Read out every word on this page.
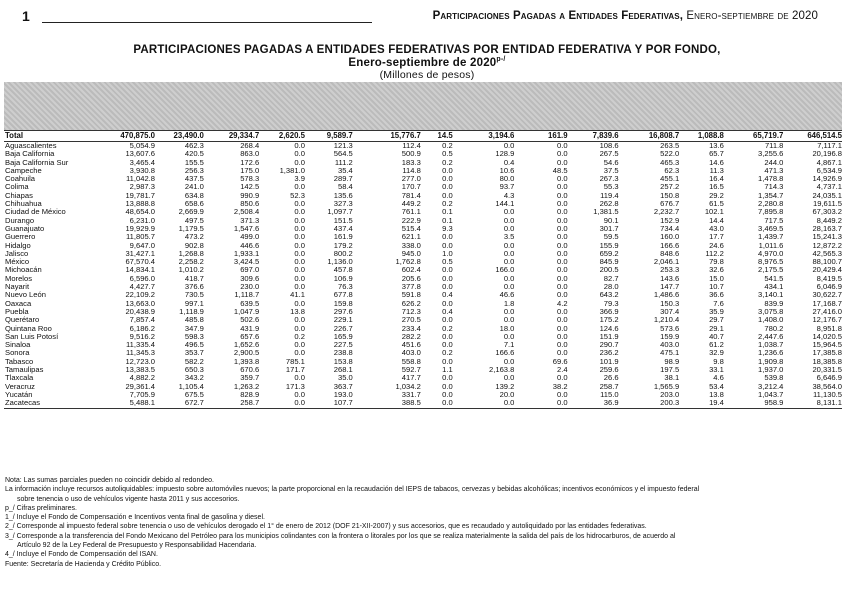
1	Participaciones Pagadas a Entidades Federativas, Enero-septiembre de 2020
PARTICIPACIONES PAGADAS A ENTIDADES FEDERATIVAS POR ENTIDAD FEDERATIVA Y POR FONDO,
Enero-septiembre de $2020^{p-/}$
(Millones de pesos)
Total	470,875.0	23,490.0	29,334.7	2,620.5	9,589.7	15,776.7	14.5	3,194.6	161.9	7,839.6	16,808.7	1,088.8	65,719.7	646,514.5
Aguascalientes	5,054.9	462.3	268.4	0.0	121.3	112.4	0.2	0.0	0.0	108.6	263.5	13.6	711.8	7,117.1
Baja California	13,607.6	420.5	863.0	0.0	564.5	500.9	0.5	128.9	0.0	267.5	522.0	65.7	3,255.6	20,196.8
Baja California Sur	3,465.4	155.5	172.6	0.0	111.2	183.3	0.2	0.4	0.0	54.6	465.3	14.6	244.0	4,867.1
Campeche	3,930.8	256.3	175.0	1,381.0	35.4	114.8	0.0	10.6	48.5	37.5	62.3	11.3	471.3	6,534.9
Coahuila	11,042.8	437.5	578.3	3.9	289.7	277.0	0.0	80.0	0.0	267.3	455.1	16.4	1,478.8	14,926.9
Colima	2,987.3	241.0	142.5	0.0	58.4	170.7	0.0	93.7	0.0	55.3	257.2	16.5	714.3	4,737.1
Chiapas	19,781.7	634.8	990.9	52.3	135.6	781.4	0.0	4.3	0.0	119.4	150.8	29.2	1,354.7	24,035.1
Chihuahua	13,888.8	658.6	850.6	0.0	327.3	449.2	0.2	144.1	0.0	262.8	676.7	61.5	2,280.8	19,611.5
Ciudad de México	48,654.0	2,669.9	2,508.4	0.0	1,097.7	761.1	0.1	0.0	0.0	1,381.5	2,232.7	102.1	7,895.8	67,303.2
Durango	6,231.0	497.5	371.3	0.0	151.5	222.9	0.1	0.0	0.0	90.1	152.9	14.4	717.5	8,449.2
Guanajuato	19,929.9	1,179.5	1,547.6	0.0	437.4	515.4	9.3	0.0	0.0	301.7	734.4	43.0	3,469.5	28,163.7
Guerrero	11,805.7	473.2	499.0	0.0	161.9	621.1	0.0	3.5	0.0	59.5	160.0	17.7	1,439.7	15,241.3
Hidalgo	9,647.0	902.8	446.6	0.0	179.2	338.0	0.0	0.0	0.0	155.9	166.6	24.6	1,011.6	12,872.2
Jalisco	31,427.1	1,268.8	1,933.1	0.0	800.2	945.0	1.0	0.0	0.0	659.2	848.6	112.2	4,970.0	42,565.3
México	67,570.4	2,258.2	3,424.5	0.0	1,136.0	1,762.8	0.5	0.0	0.0	845.9	2,046.1	79.8	8,976.5	88,100.7
Michoacán	14,834.1	1,010.2	697.0	0.0	457.8	602.4	0.0	166.0	0.0	200.5	253.3	32.6	2,175.5	20,429.4
Morelos	6,596.0	418.7	309.6	0.0	106.9	205.6	0.0	0.0	0.0	82.7	143.6	15.0	541.5	8,419.5
Nayarit	4,427.7	376.6	230.0	0.0	76.3	377.8	0.0	0.0	0.0	28.0	147.7	10.7	434.1	6,046.9
Nuevo León	22,109.2	730.5	1,118.7	41.1	677.8	591.8	0.4	46.6	0.0	643.2	1,486.6	36.6	3,140.1	30,622.7
Oaxaca	13,663.0	997.1	639.5	0.0	159.8	626.2	0.0	1.8	4.2	79.3	150.3	7.6	839.9	17,168.7
Puebla	20,438.9	1,118.9	1,047.9	13.8	297.6	712.3	0.4	0.0	0.0	366.9	307.4	35.9	3,075.8	27,416.0
Querétaro	7,857.4	485.8	502.6	0.0	229.1	270.5	0.0	0.0	0.0	175.2	1,210.4	29.7	1,408.0	12,176.7
Quintana Roo	6,186.2	347.9	431.9	0.0	226.7	233.4	0.2	18.0	0.0	124.6	573.6	29.1	780.2	8,951.8
San Luis Potosí	9,516.2	598.3	657.6	0.2	165.9	282.2	0.0	0.0	0.0	151.9	159.9	40.7	2,447.6	14,020.5
Sinaloa	11,335.4	496.5	1,652.6	0.0	227.5	451.6	0.0	7.1	0.0	290.7	403.0	61.2	1,038.7	15,964.5
Sonora	11,345.3	353.7	2,900.5	0.0	238.8	403.0	0.2	166.6	0.0	236.2	475.1	32.9	1,236.6	17,385.8
Tabasco	12,723.0	582.2	1,393.8	785.1	153.8	558.8	0.0	0.0	69.6	101.9	98.9	9.8	1,909.8	18,385.8
Tamaulipas	13,383.5	650.3	670.6	171.7	268.1	592.7	1.1	2,163.8	2.4	259.6	197.5	33.1	1,937.0	20,331.5
Tlaxcala	4,882.2	343.2	359.7	0.0	35.0	417.7	0.0	0.0	0.0	26.6	38.1	4.6	539.8	6,646.9
Veracruz	29,361.4	1,105.4	1,263.2	171.3	363.7	1,034.2	0.0	139.2	38.2	258.7	1,565.9	53.4	3,212.4	38,564.0
Yucatán	7,705.9	675.5	828.9	0.0	193.0	331.7	0.0	20.0	0.0	115.0	203.0	13.8	1,043.7	11,130.5
Zacatecas	5,488.1	672.7	258.7	0.0	107.7	388.5	0.0	0.0	0.0	36.9	200.3	19.4	958.9	8,131.1
Nota: Las sumas parciales pueden no coincidir debido al redondeo.
La información incluye recursos autoliquidables: impuesto sobre automóviles nuevos; la parte proporcional en la recaudación del IEPS de tabacos, cervezas y bebidas alcohólicas; incentivos económicos y el impuesto federal
sobre tenencia o uso de vehículos vigente hasta 2011 y sus accesorios.
p_/ Cifras preliminares.
1_/ Incluye el Fondo de Compensación e Incentivos venta final de gasolina y diesel.
2_/ Corresponde al impuesto federal sobre tenencia o uso de vehículos derogado el 1° de enero de 2012 (DOF 21-XII-2007) y sus accesorios, que es recaudado y autoliquidado por las entidades federativas.
3_/ Corresponde a la transferencia del Fondo Mexicano del Petróleo para los municipios colindantes con la frontera o litorales por los que se realiza materialmente la salida del país de los hidrocarburos, de acuerdo al
Artículo 92 de la Ley Federal de Presupuesto y Responsabilidad Hacendaria.
4_/ Incluye el Fondo de Compensación del ISAN.
Fuente: Secretaría de Hacienda y Crédito Público.
